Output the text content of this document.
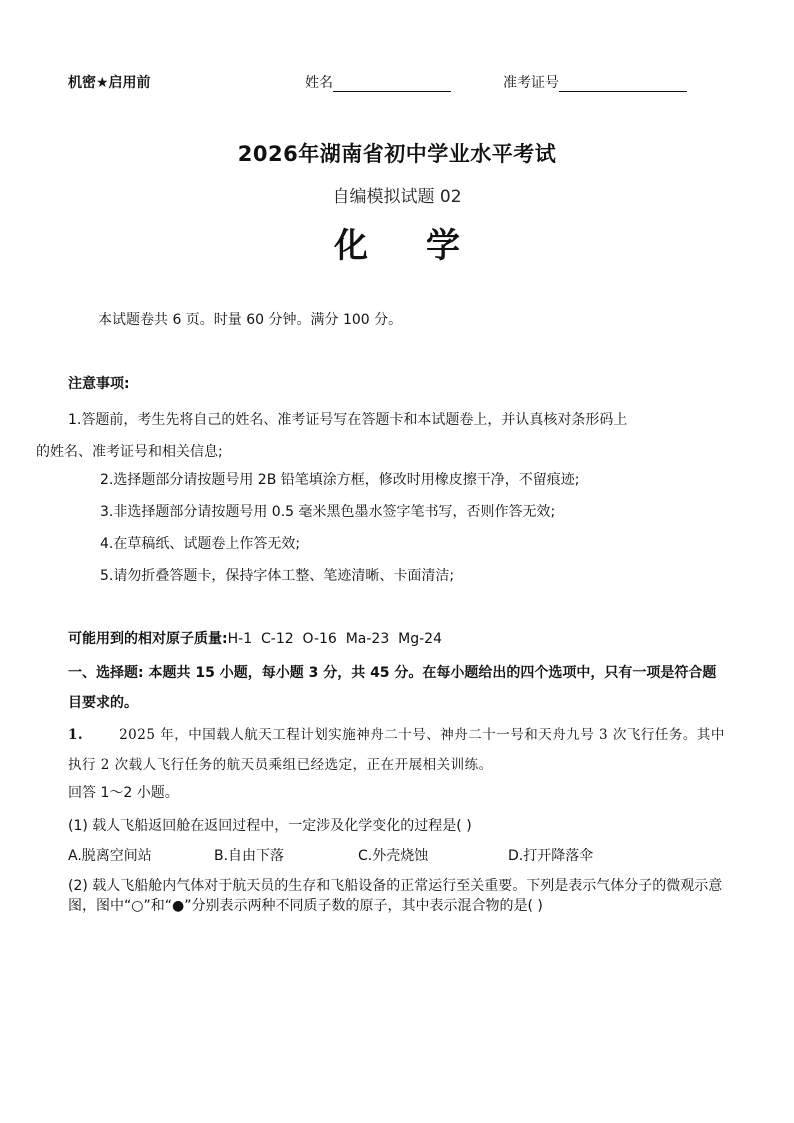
机密★启用前	姓名	准考证号
2026年湖南省初中学业水平考试
自编模拟试题 02
化学
本试题卷共 6 页。时量 60 分钟。满分 100 分。
注意事项:
1.答题前，考生先将自己的姓名、准考证号写在答题卡和本试题卷上，并认真核对条形码上的姓名、准考证号和相关信息;
2.选择题部分请按题号用 2B 铅笔填涂方框，修改时用橡皮擦干净，不留痕迹;
3.非选择题部分请按题号用 0.5 毫米黑色墨水签字笔书写，否则作答无效;
4.在草稿纸、试题卷上作答无效;
5.请勿折叠答题卡，保持字体工整、笔迹清晰、卡面清洁;
可能用到的相对原子质量:H-1  C-12  O-16  Ma-23  Mg-24
一、选择题: 本题共 15 小题，每小题 3 分，共 45 分。在每小题给出的四个选项中，只有一项是符合题目要求的。
1.	2025 年，中国载人航天工程计划实施神舟二十号、神舟二十一号和天舟九号 3 次飞行任务。其中执行 2 次载人飞行任务的航天员乘组已经选定，正在开展相关训练。
回答 1～2 小题。
(1) 载人飞船返回舱在返回过程中，一定涉及化学变化的过程是( )
A.脱离空间站	B.自由下落	C.外壳烧蚀	D.打开降落伞
(2) 载人飞船舱内气体对于航天员的生存和飞船设备的正常运行至关重要。下列是表示气体分子的微观示意图，图中“○”和“●”分别表示两种不同质子数的原子，其中表示混合物的是( )
